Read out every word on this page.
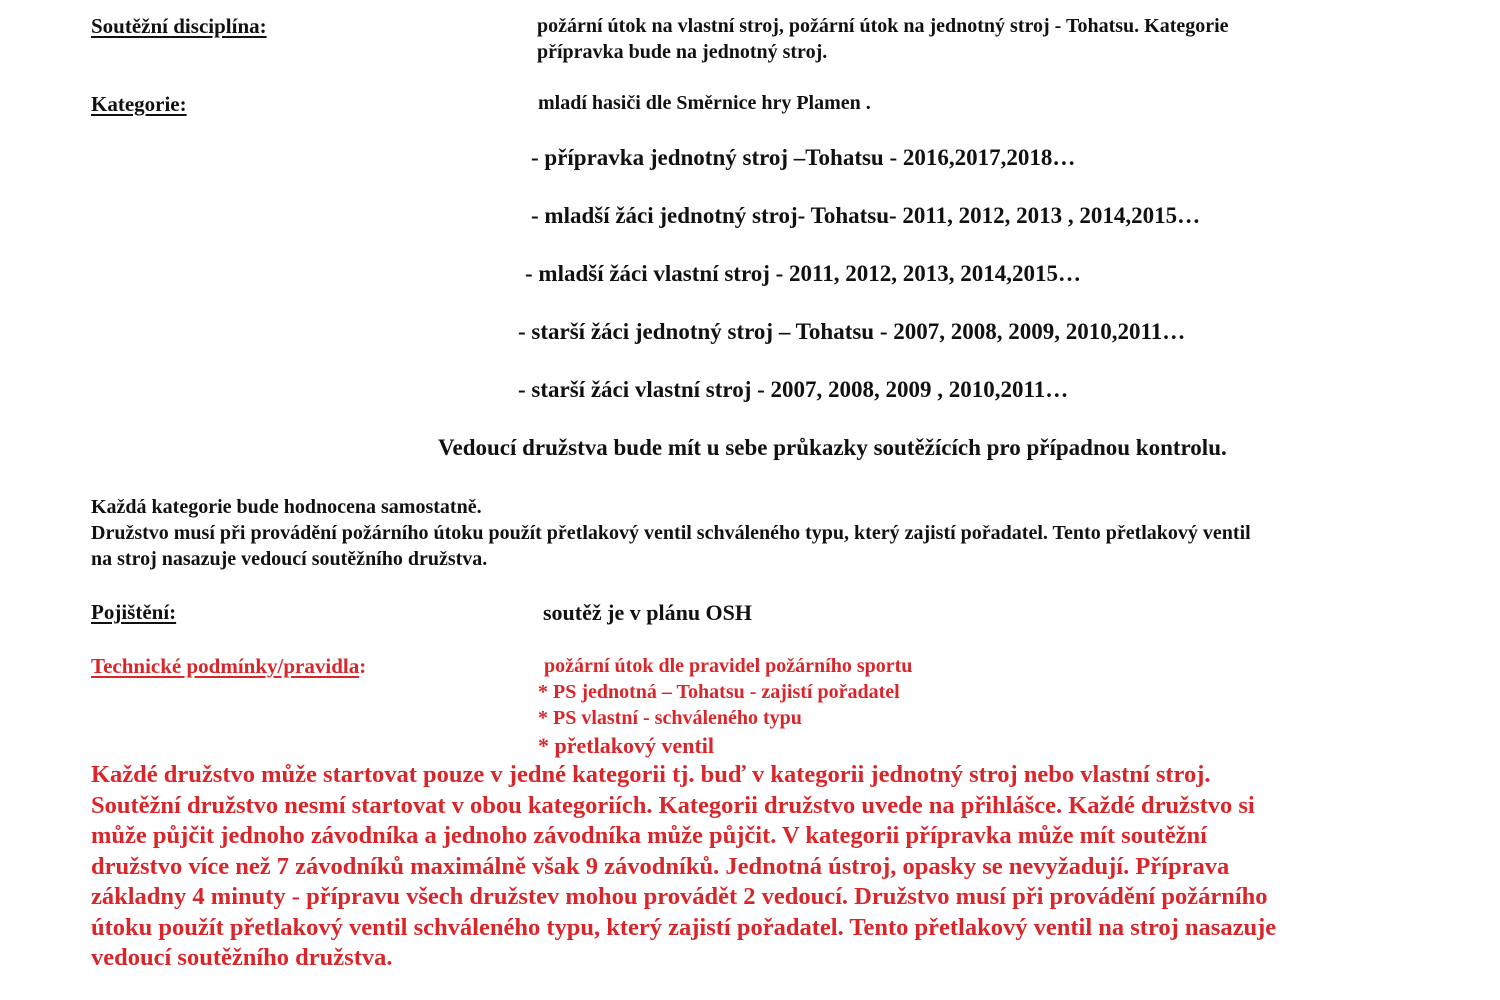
Soutěžní disciplína:	požární útok na vlastní stroj, požární útok na jednotný stroj - Tohatsu. Kategorie
přípravka bude na jednotný stroj.
Kategorie:	mladí hasiči dle Směrnice hry Plamen .
- přípravka jednotný stroj –Tohatsu - 2016,2017,2018…
- mladší žáci jednotný stroj- Tohatsu- 2011, 2012, 2013 , 2014,2015…
- mladší žáci vlastní stroj - 2011, 2012, 2013, 2014,2015…
- starší žáci jednotný stroj – Tohatsu - 2007, 2008, 2009, 2010,2011…
- starší žáci vlastní stroj - 2007, 2008, 2009 , 2010,2011…
Vedoucí družstva bude mít u sebe průkazky soutěžících pro případnou kontrolu.
Každá kategorie bude hodnocena samostatně.
Družstvo musí při provádění požárního útoku použít přetlakový ventil schváleného typu, který zajistí pořadatel. Tento přetlakový ventil
na stroj nasazuje vedoucí soutěžního družstva.
Pojištění:	soutěž je v plánu OSH
Technické podmínky/pravidla:	požární útok dle pravidel požárního sportu
* PS jednotná – Tohatsu - zajistí pořadatel
* PS vlastní - schváleného typu
* přetlakový ventil
Každé družstvo může startovat pouze v jedné kategorii tj. buď v kategorii jednotný stroj nebo vlastní stroj.
Soutěžní družstvo nesmí startovat v obou kategoriích. Kategorii družstvo uvede na přihlášce. Každé družstvo si
může půjčit jednoho závodníka a jednoho závodníka může půjčit. V kategorii přípravka může mít soutěžní
družstvo více než 7 závodníků maximálně však 9 závodníků. Jednotná ústroj, opasky se nevyžadují. Příprava
základny 4 minuty - přípravu všech družstev mohou provádět 2 vedoucí. Družstvo musí při provádění požárního
útoku použít přetlakový ventil schváleného typu, který zajistí pořadatel. Tento přetlakový ventil na stroj nasazuje
vedoucí soutěžního družstva.
